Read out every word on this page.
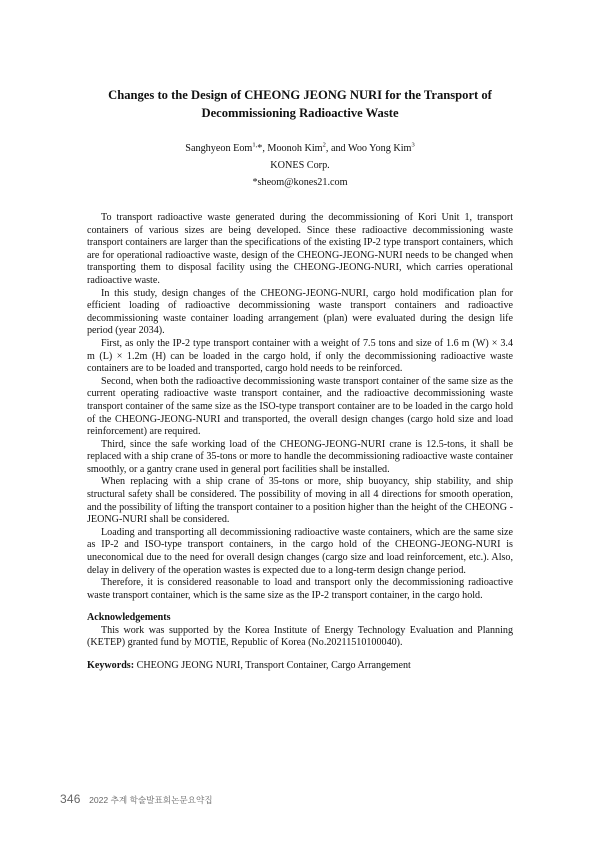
Changes to the Design of CHEONG JEONG NURI for the Transport of
Decommissioning Radioactive Waste
Sanghyeon Eom$^{1,}$*, Moonoh Kim$^2$, and Woo Yong Kim$^3$
KONES Corp.
*sheom@kones21.com

To transport radioactive waste generated during the decommissioning of Kori Unit 1, transport containers of various sizes are being developed. Since these radioactive decommissioning waste transport containers are larger than the specifications of the existing IP-2 type transport containers, which are for operational radioactive waste, design of the CHEONG-JEONG-NURI needs to be changed when transporting them to disposal facility using the CHEONG-JEONG-NURI, which carries operational radioactive waste.

In this study, design changes of the CHEONG-JEONG-NURI, cargo hold modification plan for efficient loading of radioactive decommissioning waste transport containers and radioactive decommissioning waste container loading arrangement (plan) were evaluated during the design life period (year 2034).

First, as only the IP-2 type transport container with a weight of 7.5 tons and size of 1.6 m (W) × 3.4 m (L) × 1.2m (H) can be loaded in the cargo hold, if only the decommissioning radioactive waste containers are to be loaded and transported, cargo hold needs to be reinforced.

Second, when both the radioactive decommissioning waste transport container of the same size as the current operating radioactive waste transport container, and the radioactive decommissioning waste transport container of the same size as the ISO-type transport container are to be loaded in the cargo hold of the CHEONG-JEONG-NURI and transported, the overall design changes (cargo hold size and load reinforcement) are required.

Third, since the safe working load of the CHEONG-JEONG-NURI crane is 12.5-tons, it shall be replaced with a ship crane of 35-tons or more to handle the decommissioning radioactive waste container smoothly, or a gantry crane used in general port facilities shall be installed.

When replacing with a ship crane of 35-tons or more, ship buoyancy, ship stability, and ship structural safety shall be considered. The possibility of moving in all 4 directions for smooth operation, and the possibility of lifting the transport container to a position higher than the height of the CHEONG -JEONG-NURI shall be considered.

Loading and transporting all decommissioning radioactive waste containers, which are the same size as IP-2 and ISO-type transport containers, in the cargo hold of the CHEONG-JEONG-NURI is uneconomical due to the need for overall design changes (cargo size and load reinforcement, etc.). Also, delay in delivery of the operation wastes is expected due to a long-term design change period.

Therefore, it is considered reasonable to load and transport only the decommissioning radioactive waste transport container, which is the same size as the IP-2 transport container, in the cargo hold.

Acknowledgements
This work was supported by the Korea Institute of Energy Technology Evaluation and Planning (KETEP) granted fund by MOTIE, Republic of Korea (No.20211510100040).
Keywords: CHEONG JEONG NURI, Transport Container, Cargo Arrangement
346 2022 추계 학술발표회논문요약집
